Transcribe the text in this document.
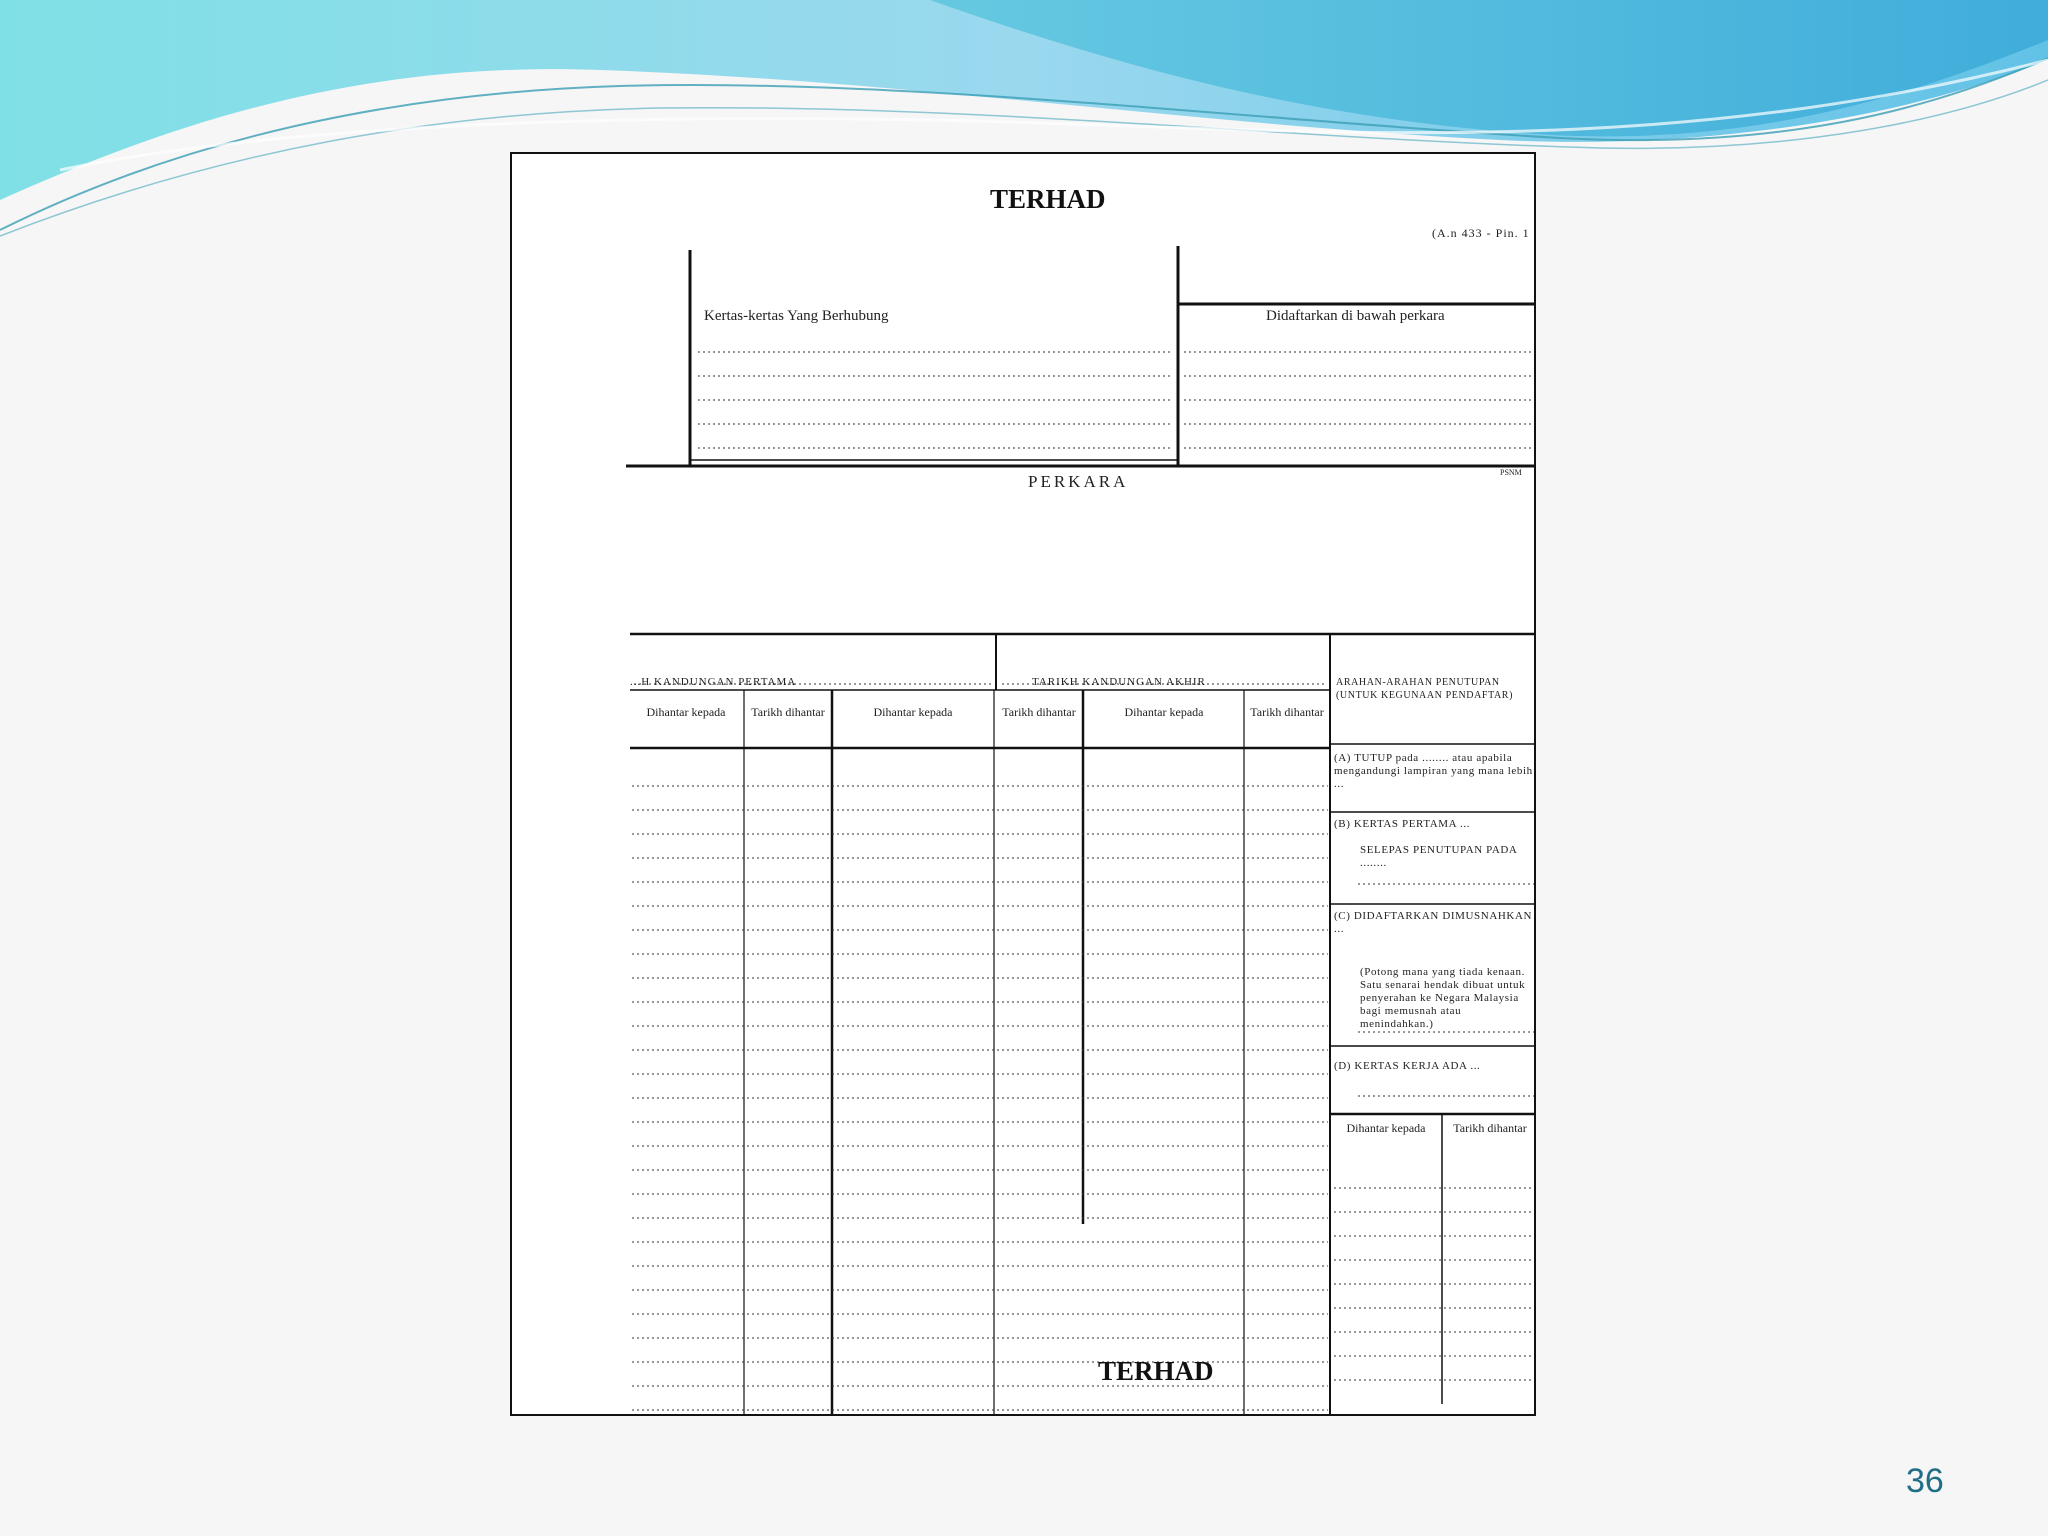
TERHAD
(A.n 433 - Pin. 1
Kertas-kertas Yang Berhubung	Didaftarkan di bawah perkara
PERKARA	PSNM
...H KANDUNGAN PERTAMA	TARIKH KANDUNGAN AKHIR	ARAHAN-ARAHAN PENUTUPAN (UNTUK KEGUNAAN PENDAFTAR)
Dihantar kepada	Tarikh dihantar	Dihantar kepada	Tarikh dihantar	Dihantar kepada	Tarikh dihantar
(A) TUTUP pada ........ atau apabila mengandungi lampiran yang mana lebih ...
(B) KERTAS PERTAMA ...
SELEPAS PENUTUPAN PADA ........
(C) DIDAFTARKAN DIMUSNAHKAN ...
(Potong mana yang tiada kenaan. Satu senarai hendak dibuat untuk penyerahan ke Negara Malaysia bagi memusnah atau menindahkan.)
(D) KERTAS KERJA ADA ...
Dihantar kepada	Tarikh dihantar
TERHAD
36
